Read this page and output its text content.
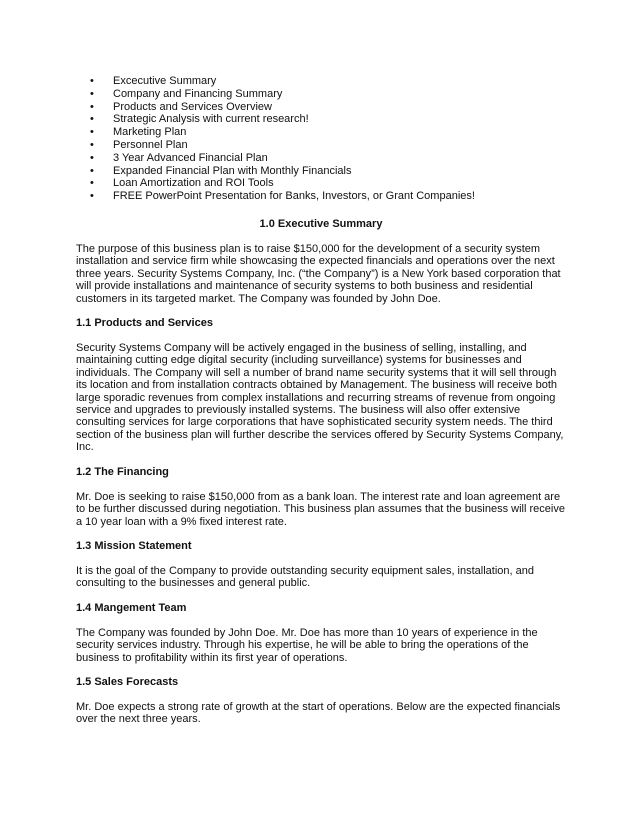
• Excecutive Summary
• Company and Financing Summary
• Products and Services Overview
• Strategic Analysis with current research!
• Marketing Plan
• Personnel Plan
• 3 Year Advanced Financial Plan
• Expanded Financial Plan with Monthly Financials
• Loan Amortization and ROI Tools
• FREE PowerPoint Presentation for Banks, Investors, or Grant Companies!
1.0 Executive Summary

The purpose of this business plan is to raise $150,000 for the development of a security system installation and service firm while showcasing the expected financials and operations over the next three years. Security Systems Company, Inc. (“the Company”) is a New York based corporation that will provide installations and maintenance of security systems to both business and residential customers in its targeted market. The Company was founded by John Doe.

1.1 Products and Services

Security Systems Company will be actively engaged in the business of selling, installing, and maintaining cutting edge digital security (including surveillance) systems for businesses and individuals. The Company will sell a number of brand name security systems that it will sell through its location and from installation contracts obtained by Management. The business will receive both large sporadic revenues from complex installations and recurring streams of revenue from ongoing service and upgrades to previously installed systems. The business will also offer extensive consulting services for large corporations that have sophisticated security system needs. The third section of the business plan will further describe the services offered by Security Systems Company, Inc.

1.2 The Financing

Mr. Doe is seeking to raise $150,000 from as a bank loan. The interest rate and loan agreement are to be further discussed during negotiation. This business plan assumes that the business will receive a 10 year loan with a 9% fixed interest rate.

1.3 Mission Statement

It is the goal of the Company to provide outstanding security equipment sales, installation, and consulting to the businesses and general public.

1.4 Mangement Team

The Company was founded by John Doe. Mr. Doe has more than 10 years of experience in the security services industry. Through his expertise, he will be able to bring the operations of the business to profitability within its first year of operations.

1.5 Sales Forecasts

Mr. Doe expects a strong rate of growth at the start of operations. Below are the expected financials over the next three years.
